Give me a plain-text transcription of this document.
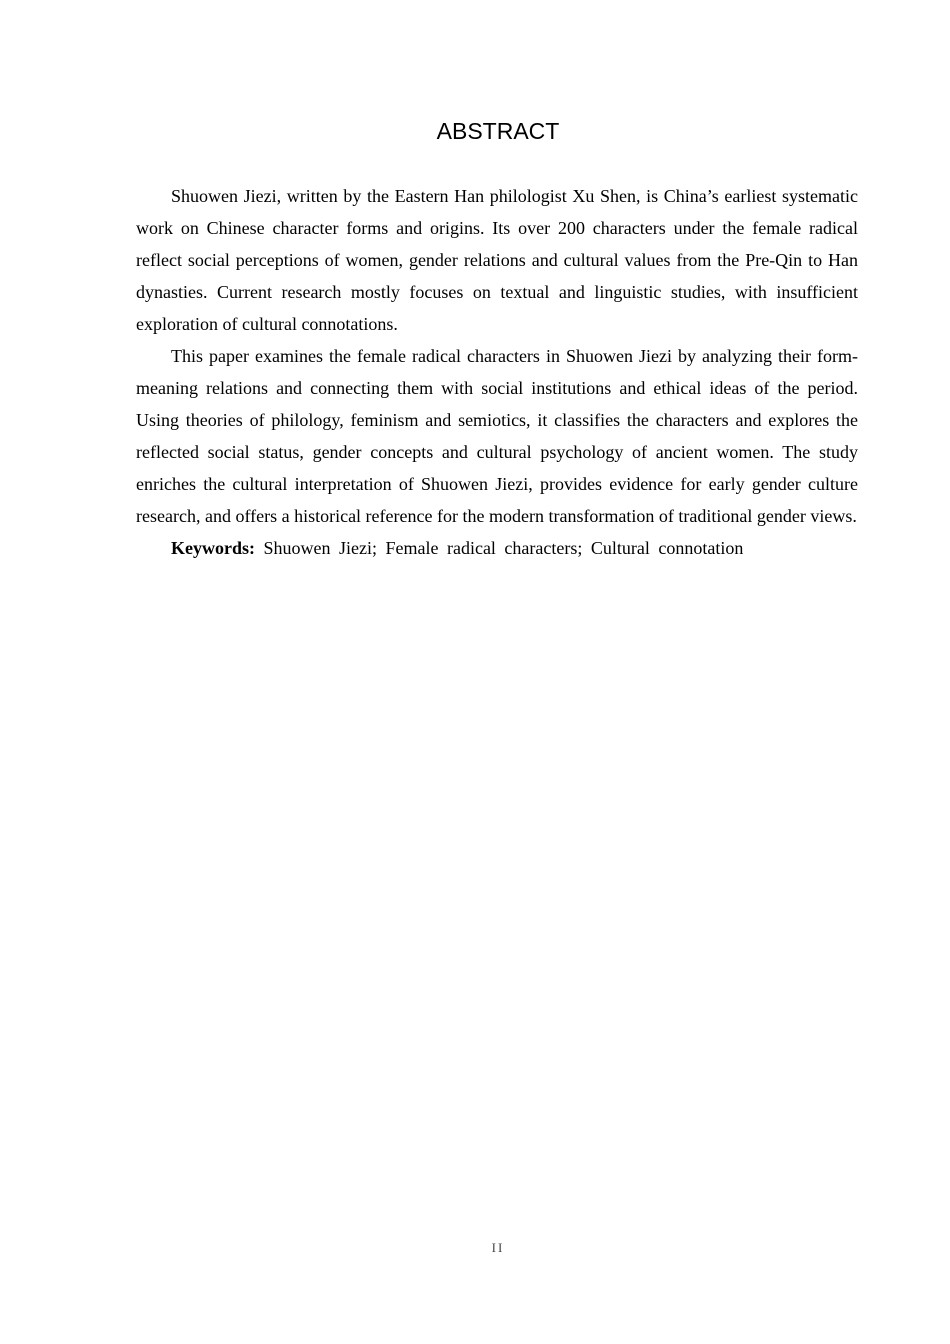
ABSTRACT

Shuowen Jiezi, written by the Eastern Han philologist Xu Shen, is China’s earliest systematic work on Chinese character forms and origins. Its over 200 characters under the female radical reflect social perceptions of women, gender relations and cultural values from the Pre-Qin to Han dynasties. Current research mostly focuses on textual and linguistic studies, with insufficient exploration of cultural connotations.

This paper examines the female radical characters in Shuowen Jiezi by analyzing their form-meaning relations and connecting them with social institutions and ethical ideas of the period. Using theories of philology, feminism and semiotics, it classifies the characters and explores the reflected social status, gender concepts and cultural psychology of ancient women. The study enriches the cultural interpretation of Shuowen Jiezi, provides evidence for early gender culture research, and offers a historical reference for the modern transformation of traditional gender views.

Keywords: Shuowen Jiezi; Female radical characters; Cultural connotation

II
